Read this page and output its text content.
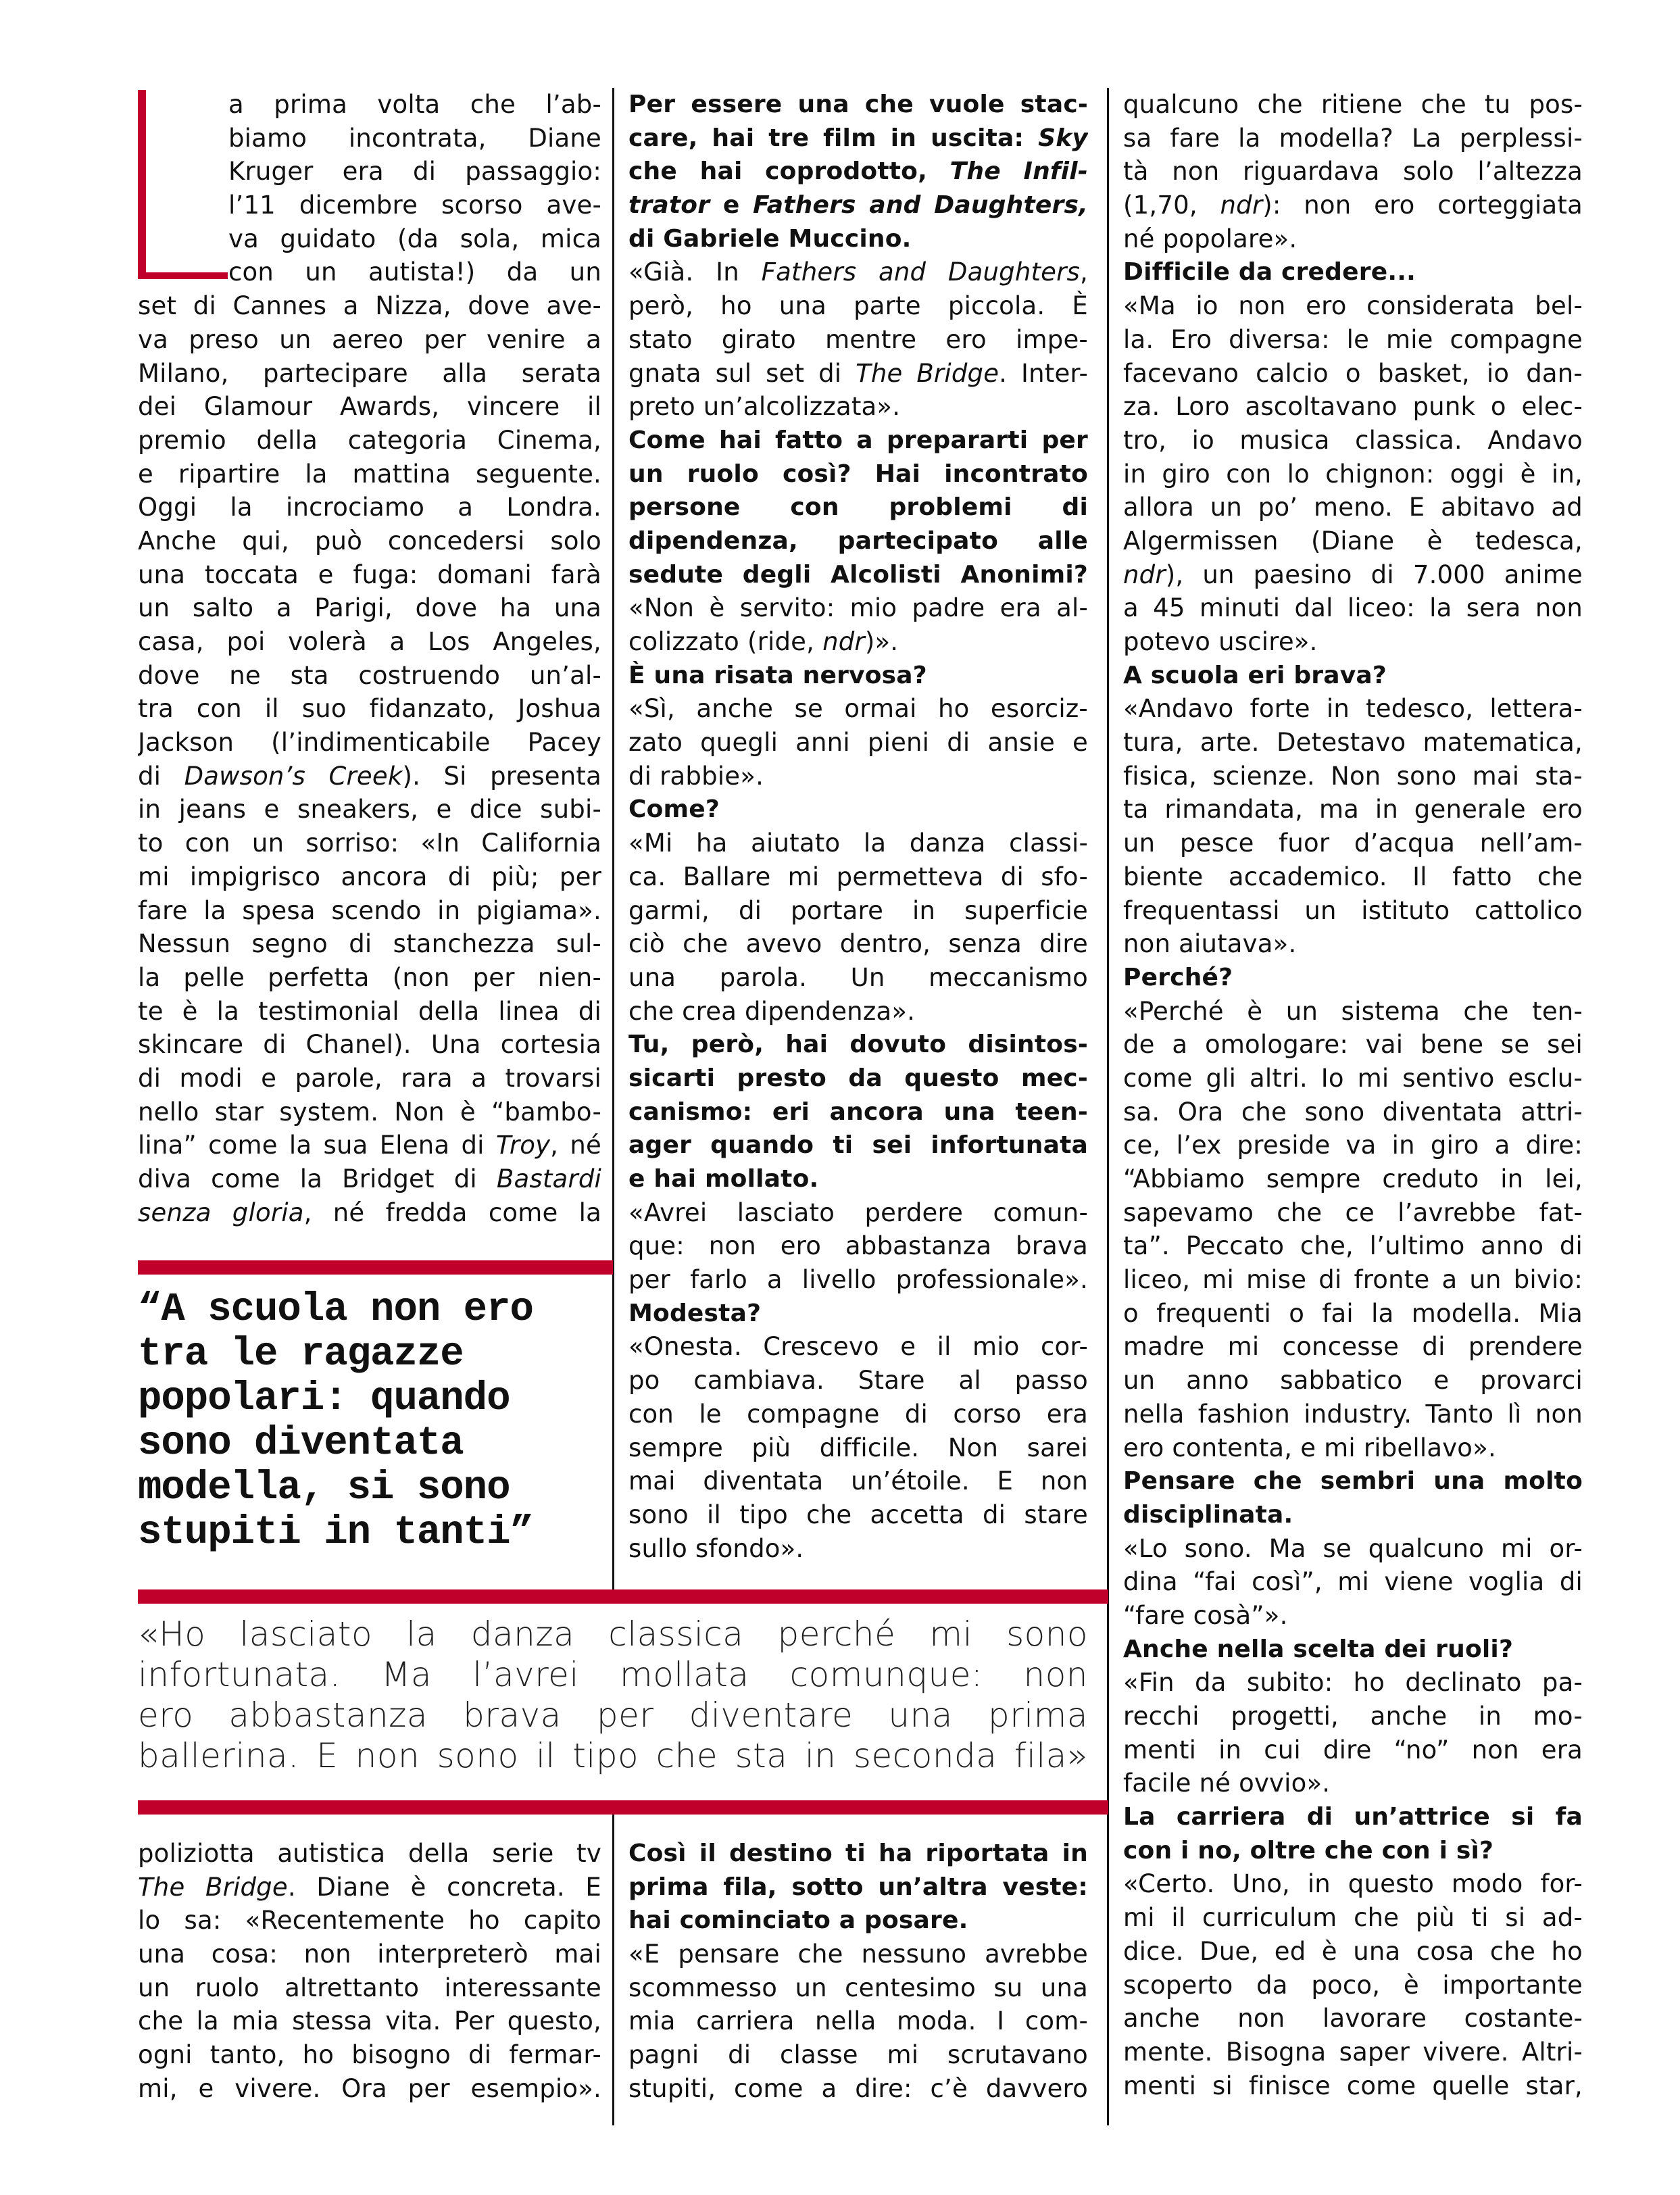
a prima volta che l’ab-
biamo incontrata, Diane
Kruger era di passaggio:
l’11 dicembre scorso ave-
va guidato (da sola, mica
con un autista!) da un
set di Cannes a Nizza, dove ave-
va preso un aereo per venire a
Milano, partecipare alla serata
dei Glamour Awards, vincere il
premio della categoria Cinema,
e ripartire la mattina seguente.
Oggi la incrociamo a Londra.
Anche qui, può concedersi solo
una toccata e fuga: domani farà
un salto a Parigi, dove ha una
casa, poi volerà a Los Angeles,
dove ne sta costruendo un’al-
tra con il suo fidanzato, Joshua
Jackson (l’indimenticabile Pacey
di Dawson’s Creek). Si presenta
in jeans e sneakers, e dice subi-
to con un sorriso: «In California
mi impigrisco ancora di più; per
fare la spesa scendo in pigiama».
Nessun segno di stanchezza sul-
la pelle perfetta (non per nien-
te è la testimonial della linea di
skincare di Chanel). Una cortesia
di modi e parole, rara a trovarsi
nello star system. Non è “bambo-
lina” come la sua Elena di Troy, né
diva come la Bridget di Bastardi
senza gloria, né fredda come la
Per essere una che vuole stac-
care, hai tre film in uscita: Sky
che hai coprodotto, The Infil-
trator e Fathers and Daughters,
di Gabriele Muccino.
«Già. In Fathers and Daughters,
però, ho una parte piccola. È
stato girato mentre ero impe-
gnata sul set di The Bridge. Inter-
preto un’alcolizzata».
Come hai fatto a prepararti per
un ruolo così? Hai incontrato
persone con problemi di
dipendenza, partecipato alle
sedute degli Alcolisti Anonimi?
«Non è servito: mio padre era al-
colizzato (ride, ndr)».
È una risata nervosa?
«Sì, anche se ormai ho esorciz-
zato quegli anni pieni di ansie e
di rabbie».
Come?
«Mi ha aiutato la danza classi-
ca. Ballare mi permetteva di sfo-
garmi, di portare in superficie
ciò che avevo dentro, senza dire
una parola. Un meccanismo
che crea dipendenza».
Tu, però, hai dovuto disintos-
sicarti presto da questo mec-
canismo: eri ancora una teen-
ager quando ti sei infortunata
e hai mollato.
«Avrei lasciato perdere comun-
que: non ero abbastanza brava
per farlo a livello professionale».
Modesta?
«Onesta. Crescevo e il mio cor-
po cambiava. Stare al passo
con le compagne di corso era
sempre più difficile. Non sarei
mai diventata un’étoile. E non
sono il tipo che accetta di stare
sullo sfondo».
qualcuno che ritiene che tu pos-
sa fare la modella? La perplessi-
tà non riguardava solo l’altezza
(1,70, ndr): non ero corteggiata
né popolare».
Difficile da credere...
«Ma io non ero considerata bel-
la. Ero diversa: le mie compagne
facevano calcio o basket, io dan-
za. Loro ascoltavano punk o elec-
tro, io musica classica. Andavo
in giro con lo chignon: oggi è in,
allora un po’ meno. E abitavo ad
Algermissen (Diane è tedesca,
ndr), un paesino di 7.000 anime
a 45 minuti dal liceo: la sera non
potevo uscire».
A scuola eri brava?
«Andavo forte in tedesco, lettera-
tura, arte. Detestavo matematica,
fisica, scienze. Non sono mai sta-
ta rimandata, ma in generale ero
un pesce fuor d’acqua nell’am-
biente accademico. Il fatto che
frequentassi un istituto cattolico
non aiutava».
Perché?
«Perché è un sistema che ten-
de a omologare: vai bene se sei
come gli altri. Io mi sentivo esclu-
sa. Ora che sono diventata attri-
ce, l’ex preside va in giro a dire:
“Abbiamo sempre creduto in lei,
sapevamo che ce l’avrebbe fat-
ta”. Peccato che, l’ultimo anno di
liceo, mi mise di fronte a un bivio:
o frequenti o fai la modella. Mia
madre mi concesse di prendere
un anno sabbatico e provarci
nella fashion industry. Tanto lì non
ero contenta, e mi ribellavo».
Pensare che sembri una molto
disciplinata.
«Lo sono. Ma se qualcuno mi or-
dina “fai così”, mi viene voglia di
“fare cosà”».
Anche nella scelta dei ruoli?
«Fin da subito: ho declinato pa-
recchi progetti, anche in mo-
menti in cui dire “no” non era
facile né ovvio».
La carriera di un’attrice si fa
con i no, oltre che con i sì?
«Certo. Uno, in questo modo for-
mi il curriculum che più ti si ad-
dice. Due, ed è una cosa che ho
scoperto da poco, è importante
anche non lavorare costante-
mente. Bisogna saper vivere. Altri-
menti si finisce come quelle star,
“A scuola non ero
tra le ragazze
popolari: quando
sono diventata
modella, si sono
stupiti in tanti”
«Ho lasciato la danza classica perché mi sono
infortunata. Ma l’avrei mollata comunque: non
ero abbastanza brava per diventare una prima
ballerina. E non sono il tipo che sta in seconda fila»
poliziotta autistica della serie tv
The Bridge. Diane è concreta. E
lo sa: «Recentemente ho capito
una cosa: non interpreterò mai
un ruolo altrettanto interessante
che la mia stessa vita. Per questo,
ogni tanto, ho bisogno di fermar-
mi, e vivere. Ora per esempio».
Così il destino ti ha riportata in
prima fila, sotto un’altra veste:
hai cominciato a posare.
«E pensare che nessuno avrebbe
scommesso un centesimo su una
mia carriera nella moda. I com-
pagni di classe mi scrutavano
stupiti, come a dire: c’è davvero
